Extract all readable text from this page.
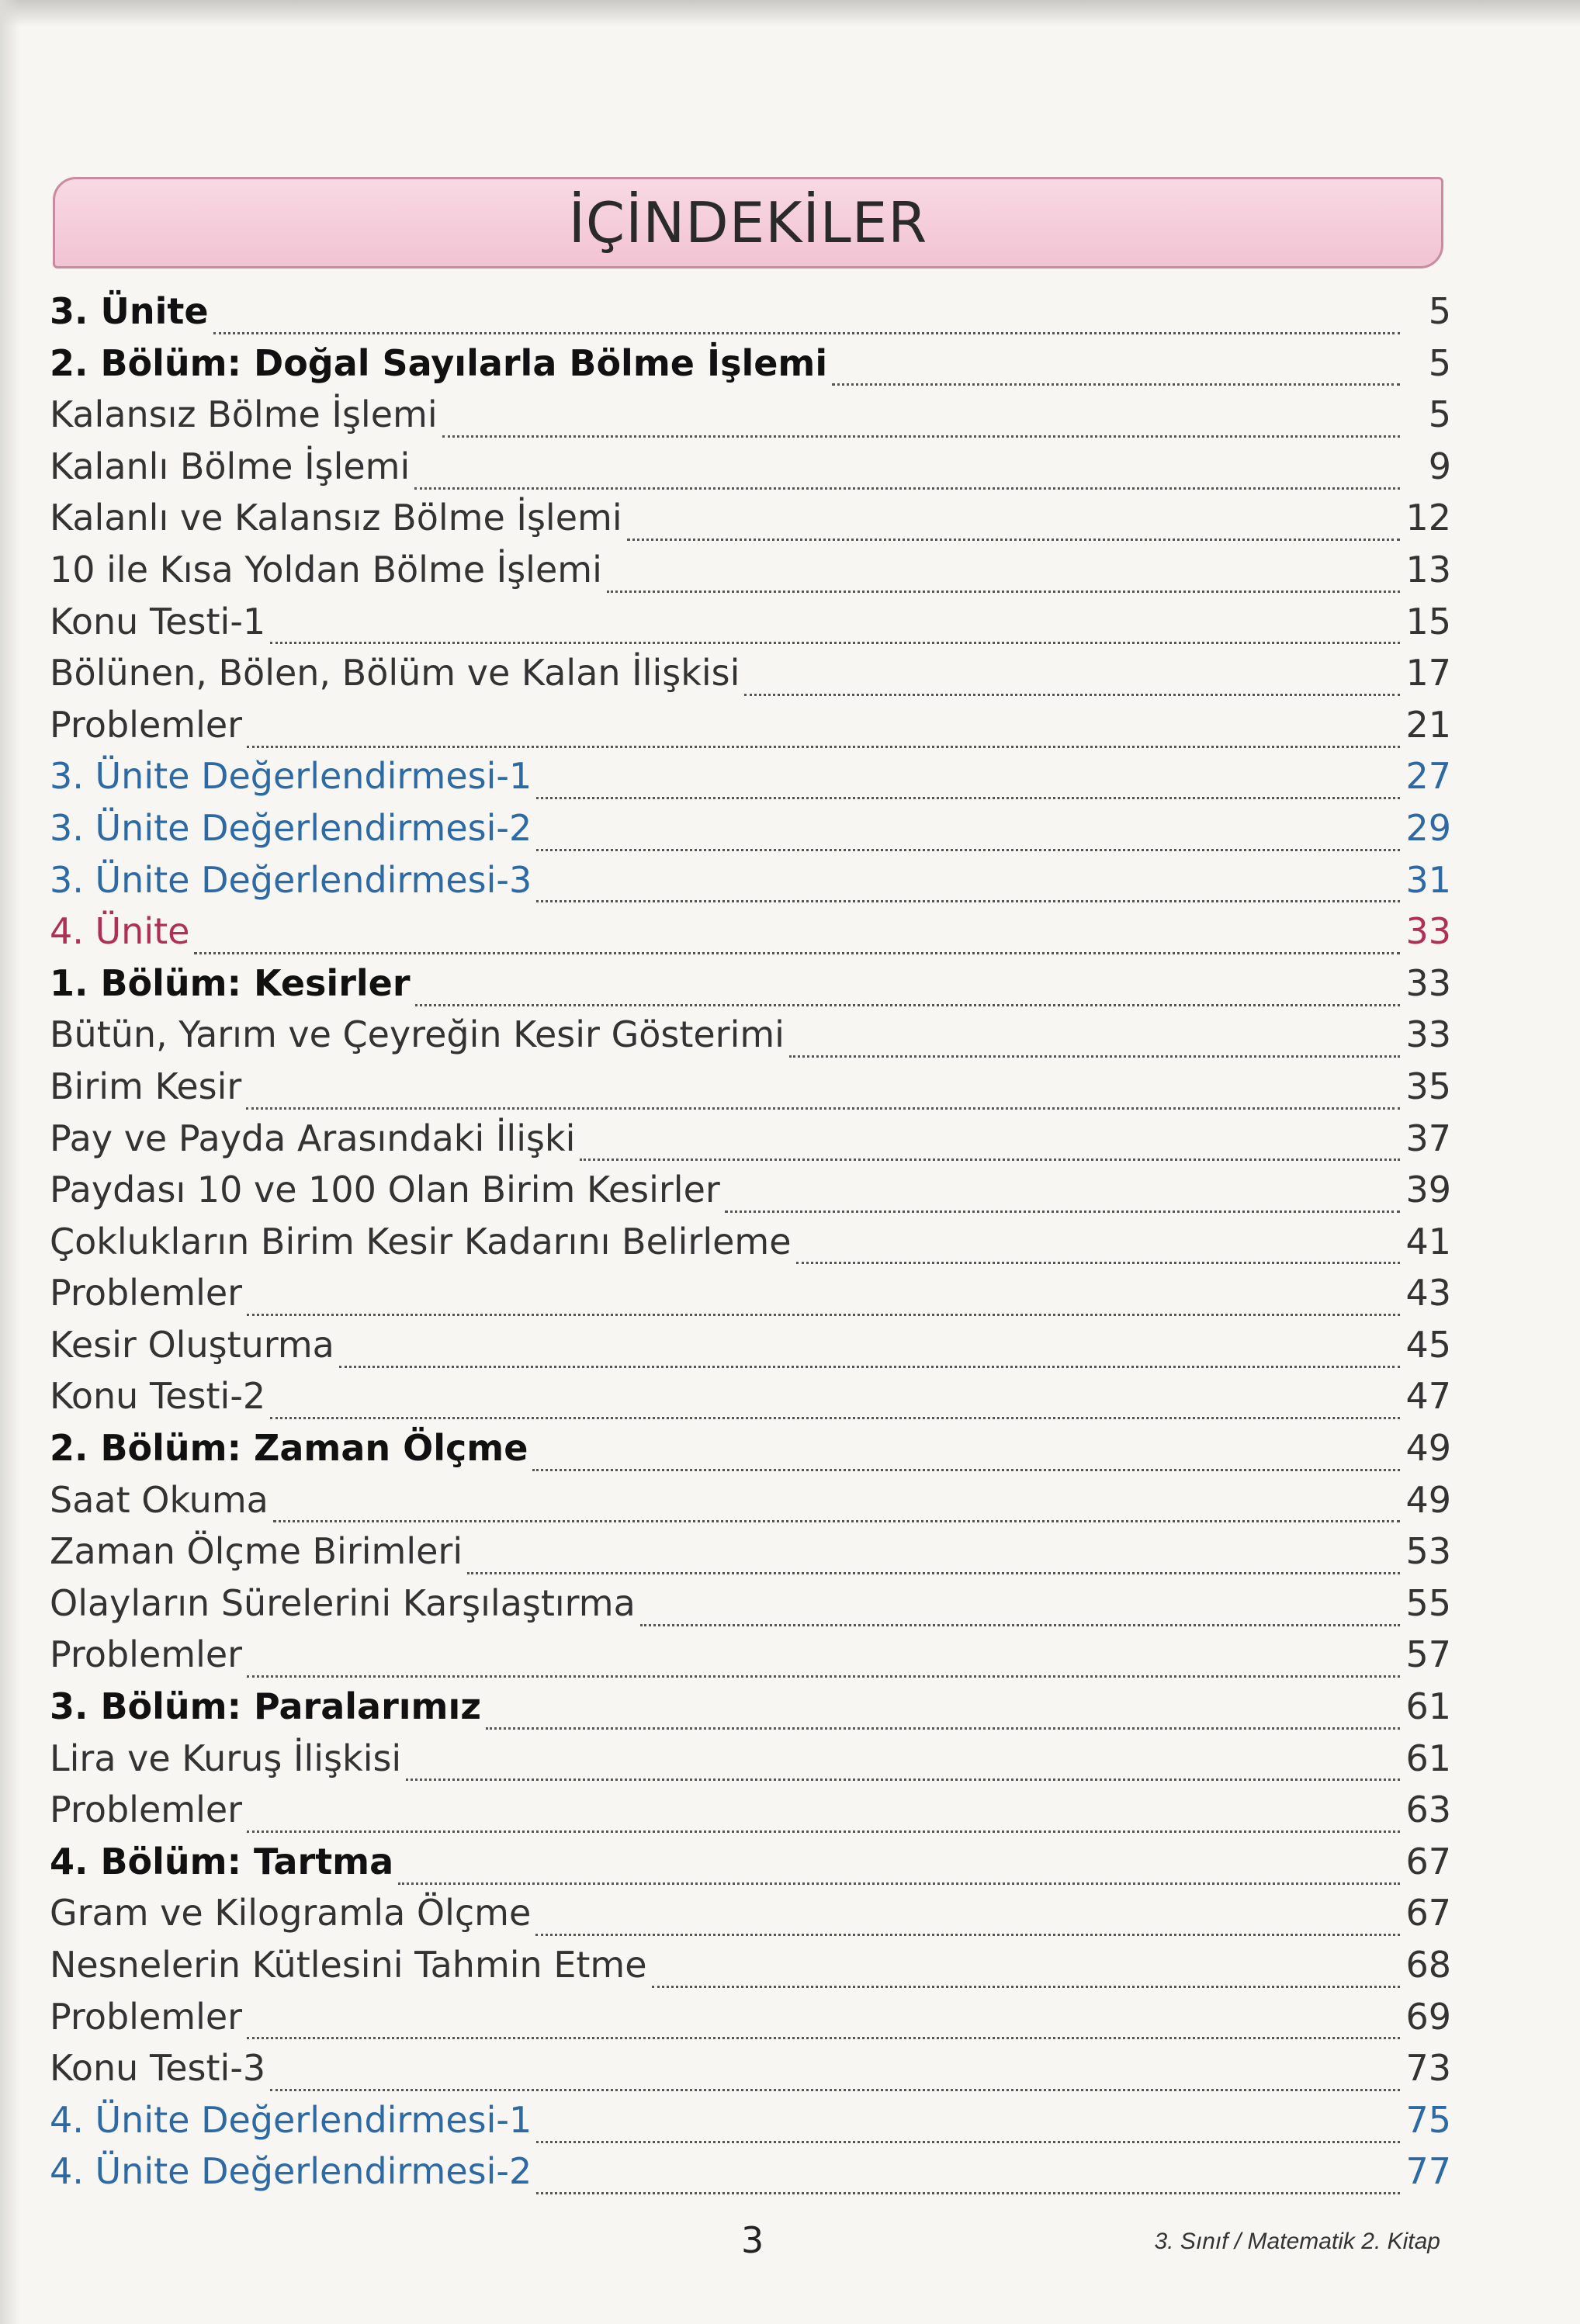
İÇİNDEKİLER
3. Ünite	5
2. Bölüm: Doğal Sayılarla Bölme İşlemi	5
Kalansız Bölme İşlemi	5
Kalanlı Bölme İşlemi	9
Kalanlı ve Kalansız Bölme İşlemi	12
10 ile Kısa Yoldan Bölme İşlemi	13
Konu Testi-1	15
Bölünen, Bölen, Bölüm ve Kalan İlişkisi	17
Problemler	21
3. Ünite Değerlendirmesi-1	27
3. Ünite Değerlendirmesi-2	29
3. Ünite Değerlendirmesi-3	31
4. Ünite	33
1. Bölüm: Kesirler	33
Bütün, Yarım ve Çeyreğin Kesir Gösterimi	33
Birim Kesir	35
Pay ve Payda Arasındaki İlişki	37
Paydası 10 ve 100 Olan Birim Kesirler	39
Çoklukların Birim Kesir Kadarını Belirleme	41
Problemler	43
Kesir Oluşturma	45
Konu Testi-2	47
2. Bölüm: Zaman Ölçme	49
Saat Okuma	49
Zaman Ölçme Birimleri	53
Olayların Sürelerini Karşılaştırma	55
Problemler	57
3. Bölüm: Paralarımız	61
Lira ve Kuruş İlişkisi	61
Problemler	63
4. Bölüm: Tartma	67
Gram ve Kilogramla Ölçme	67
Nesnelerin Kütlesini Tahmin Etme	68
Problemler	69
Konu Testi-3	73
4. Ünite Değerlendirmesi-1	75
4. Ünite Değerlendirmesi-2	77
3	3. Sınıf / Matematik 2. Kitap
